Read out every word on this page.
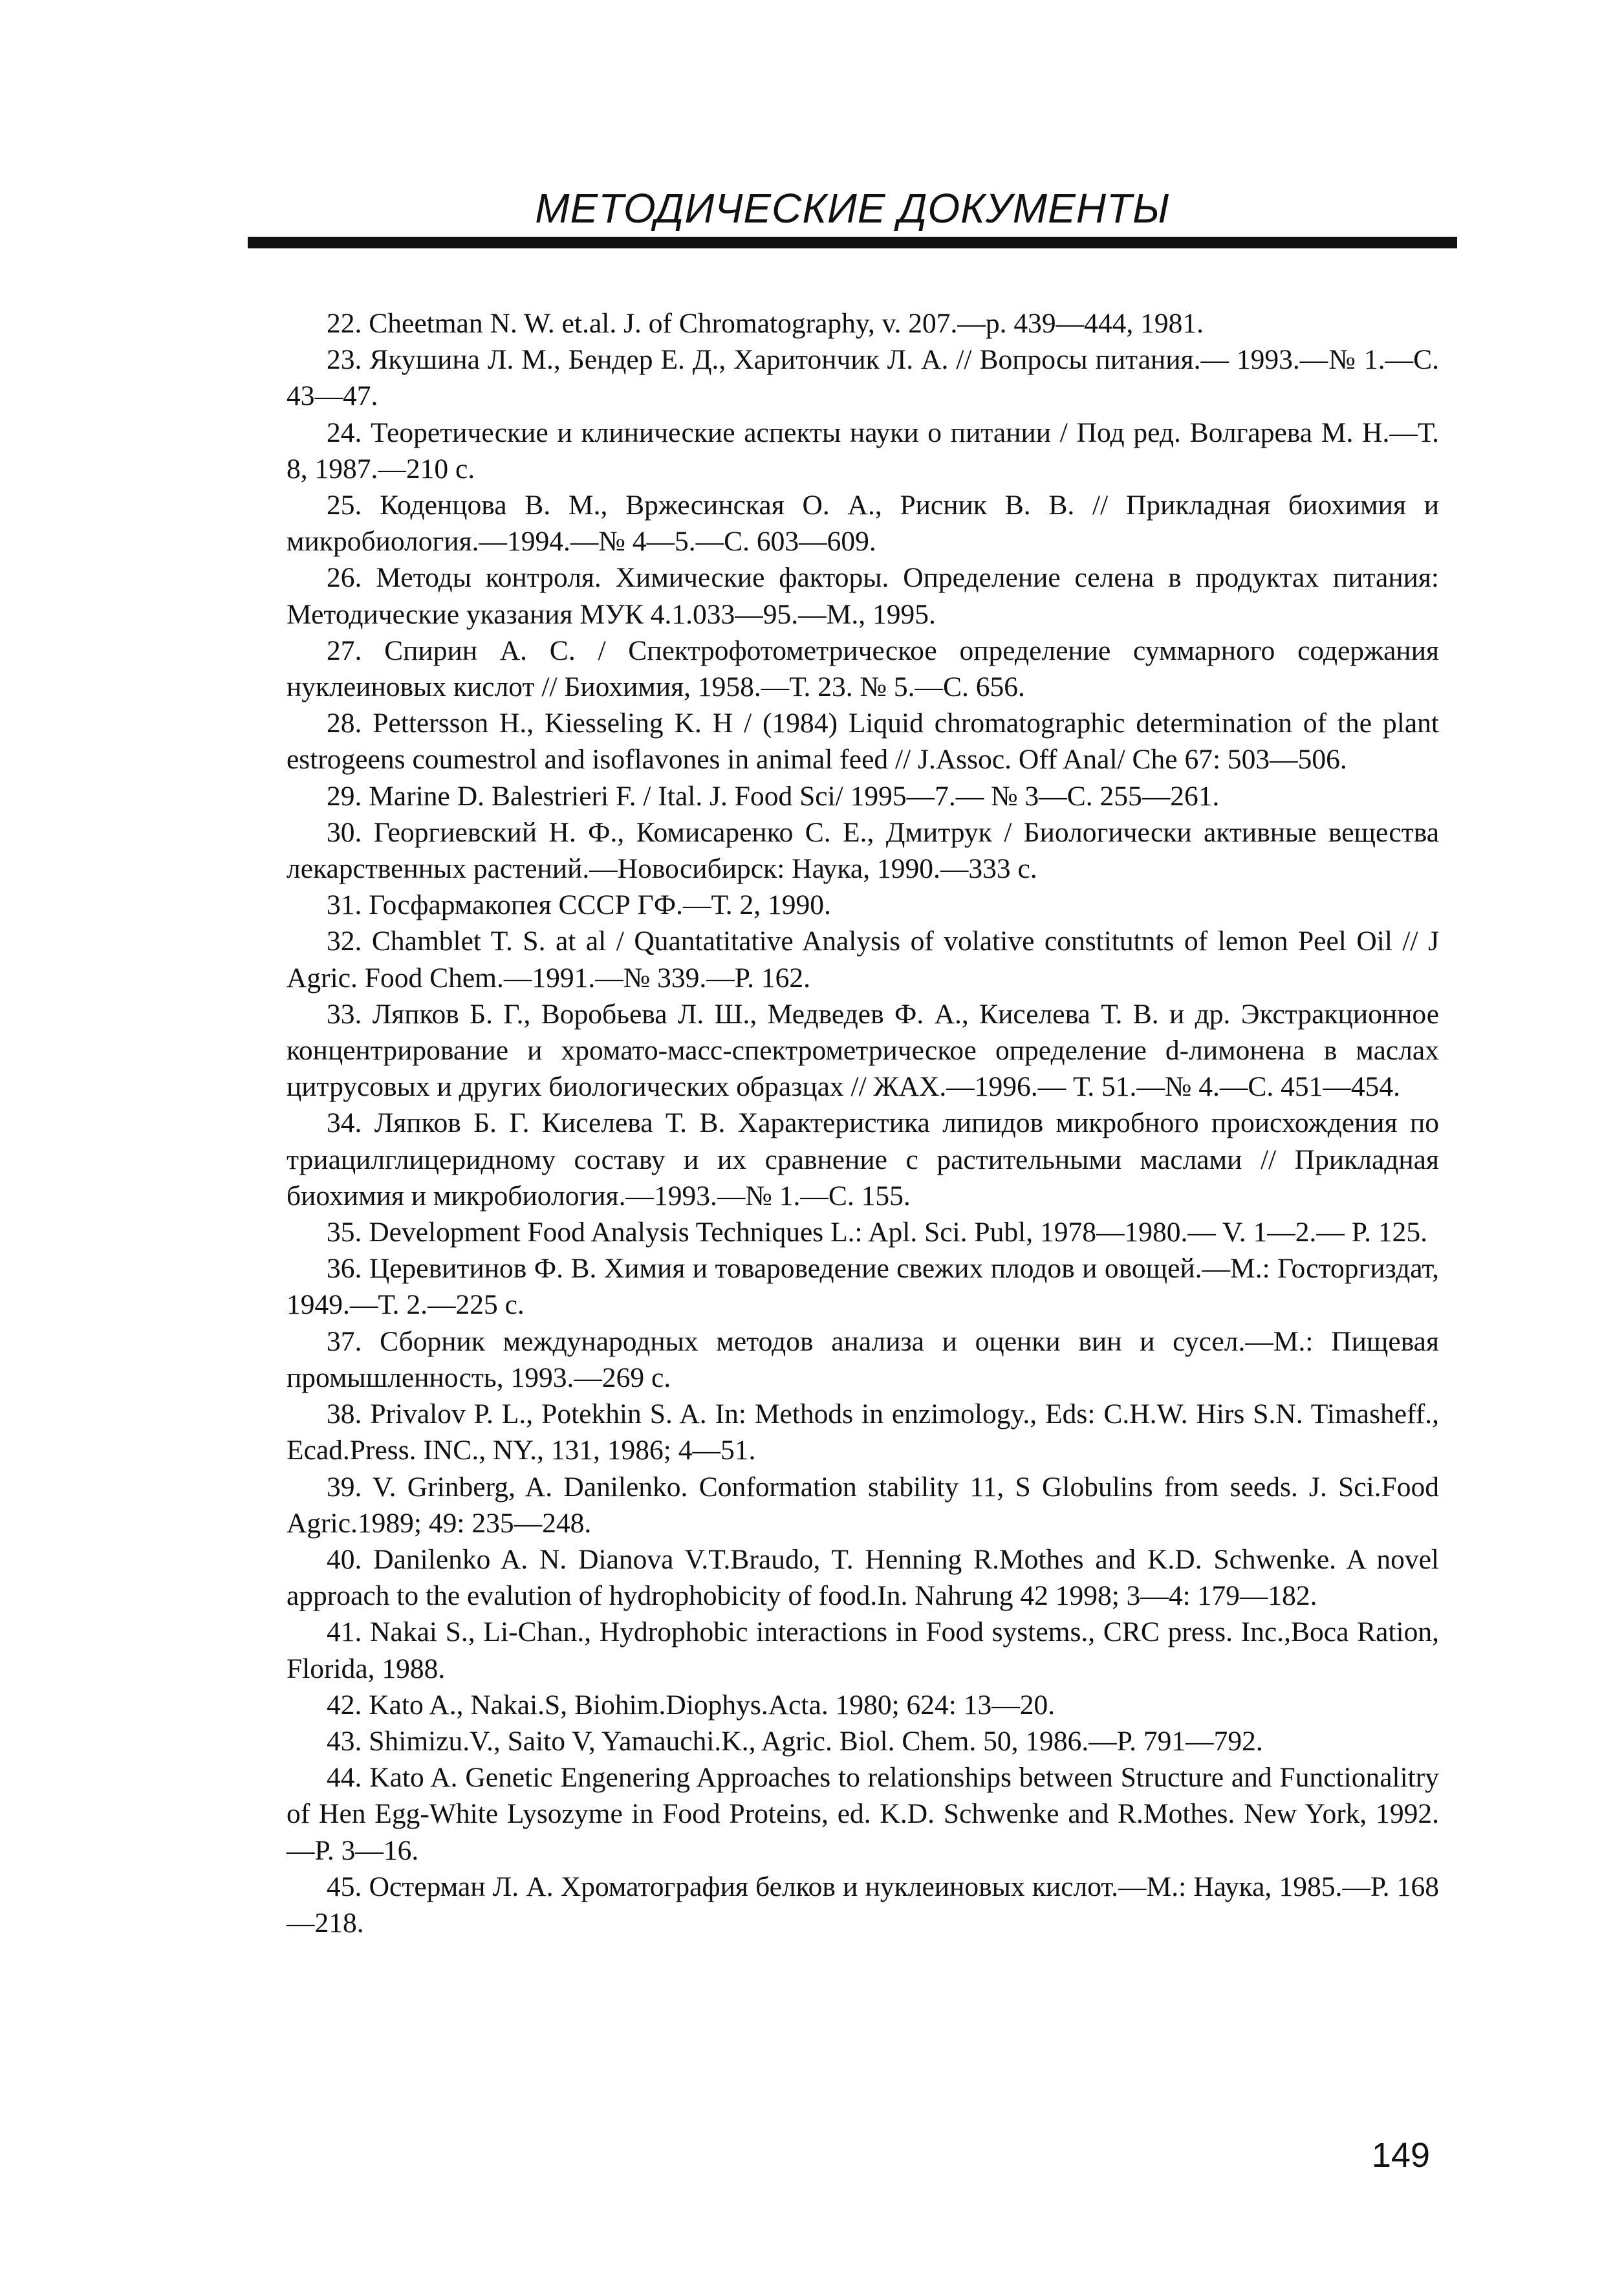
МЕТОДИЧЕСКИЕ ДОКУМЕНТЫ
22. Cheetman N. W. et.al. J. of Chromatography, v. 207.—p. 439—444, 1981.
23. Якушина Л. М., Бендер Е. Д., Харитончик Л. А. // Вопросы питания.— 1993.—№ 1.—С. 43—47.
24. Теоретические и клинические аспекты науки о питании / Под ред. Волгарева М. Н.—Т. 8, 1987.—210 с.
25. Коденцова В. М., Вржесинская О. А., Рисник В. В. // Прикладная биохимия и микробиология.—1994.—№ 4—5.—С. 603—609.
26. Методы контроля. Химические факторы. Определение селена в продуктах питания: Методические указания МУК 4.1.033—95.—М., 1995.
27. Спирин А. С. / Спектрофотометрическое определение суммарного содержания нуклеиновых кислот // Биохимия, 1958.—Т. 23. № 5.—С. 656.
28. Pettersson H., Kiesseling K. H / (1984) Liquid chromatographic determination of the plant estrogeens coumestrol and isoflavones in animal feed // J.Assoc. Off Anal/ Che 67: 503—506.
29. Marine D. Balestrieri F. / Ital. J. Food Sci/ 1995—7.— № 3—C. 255—261.
30. Георгиевский Н. Ф., Комисаренко С. Е., Дмитрук / Биологически активные вещества лекарственных растений.—Новосибирск: Наука, 1990.—333 с.
31. Госфармакопея СССР ГФ.—Т. 2, 1990.
32. Chamblet T. S. at al / Quantatitative Analysis of volative constitutnts of lemon Peel Oil // J Agric. Food Chem.—1991.—№ 339.—P. 162.
33. Ляпков Б. Г., Воробьева Л. Ш., Медведев Ф. А., Киселева Т. В. и др. Экстракционное концентрирование и хромато-масс-спектрометрическое определение d-лимонена в маслах цитрусовых и других биологических образцах // ЖАХ.—1996.— Т. 51.—№ 4.—С. 451—454.
34. Ляпков Б. Г. Киселева Т. В. Характеристика липидов микробного происхождения по триацилглицеридному составу и их сравнение с растительными маслами // Прикладная биохимия и микробиология.—1993.—№ 1.—С. 155.
35. Development Food Analysis Techniques L.: Apl. Sci. Publ, 1978—1980.— V. 1—2.— P. 125.
36. Церевитинов Ф. В. Химия и товароведение свежих плодов и овощей.—М.: Госторгиздат, 1949.—Т. 2.—225 с.
37. Сборник международных методов анализа и оценки вин и сусел.—М.: Пищевая промышленность, 1993.—269 с.
38. Privalov P. L., Potekhin S. A. In: Methods in enzimology., Eds: C.H.W. Hirs S.N. Timasheff., Ecad.Press. INC., NY., 131, 1986; 4—51.
39. V. Grinberg, A. Danilenko. Conformation stability 11, S Globulins from seeds. J. Sci.Food Agric.1989; 49: 235—248.
40. Danilenko A. N. Dianova V.T.Braudo, T. Henning R.Mothes and K.D. Schwenke. A novel approach to the evalution of hydrophobicity of food.In. Nahrung 42 1998; 3—4: 179—182.
41. Nakai S., Li-Chan., Hydrophobic interactions in Food systems., CRC press. Inc.,Boca Ration, Florida, 1988.
42. Kato A., Nakai.S, Biohim.Diophys.Acta. 1980; 624: 13—20.
43. Shimizu.V., Saito V, Yamauchi.K., Agric. Biol. Chem. 50, 1986.—P. 791—792.
44. Kato A. Genetic Engenering Approaches to relationships between Structure and Functionalitry of Hen Egg-White Lysozyme in Food Proteins, ed. K.D. Schwenke and R.Mothes. New York, 1992.—P. 3—16.
45. Остерман Л. А. Хроматография белков и нуклеиновых кислот.—М.: Наука, 1985.—Р. 168—218.
149
